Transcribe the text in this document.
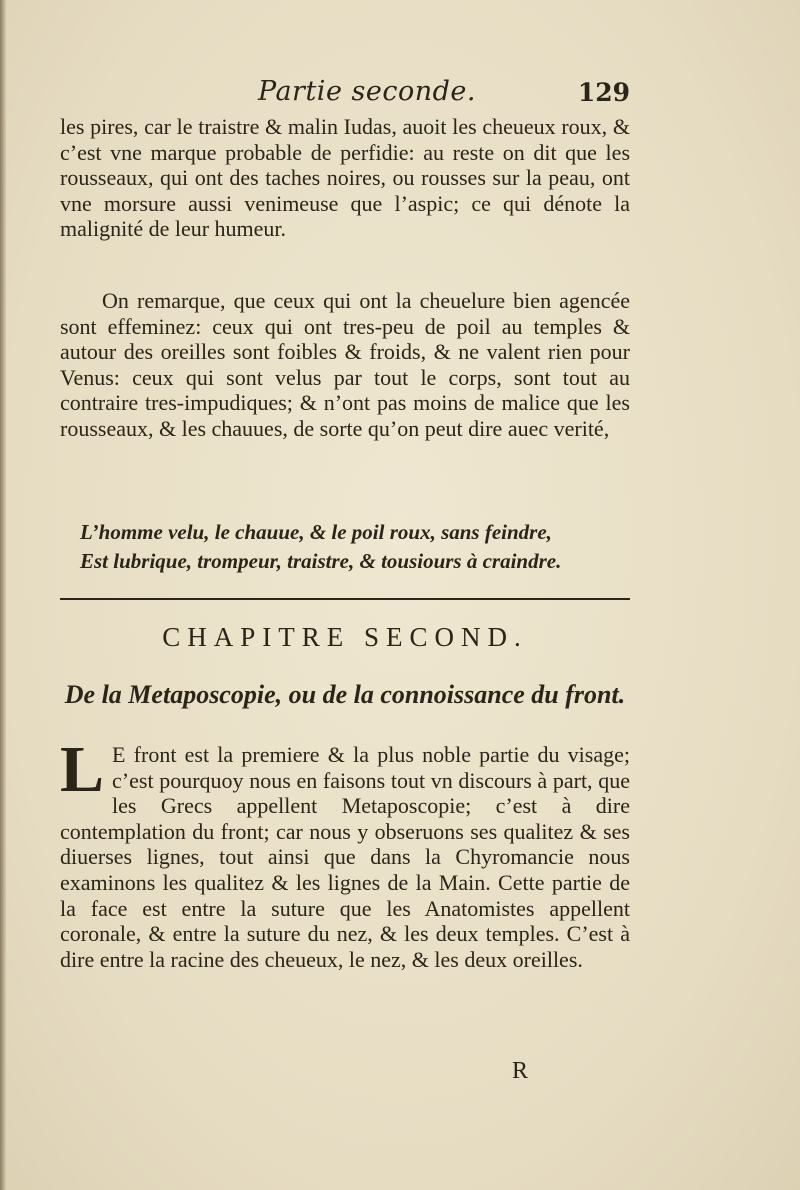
Partie seconde.	129

les pires, car le traistre & malin Iudas, auoit les cheueux roux, & c’est vne marque probable de perfidie: au reste on dit que les rousseaux, qui ont des taches noires, ou rousses sur la peau, ont vne morsure aussi venimeuse que l’aspic; ce qui dénote la malignité de leur humeur.

On remarque, que ceux qui ont la cheuelure bien agencée sont effeminez: ceux qui ont tres-peu de poil au temples & autour des oreilles sont foibles & froids, & ne valent rien pour Venus: ceux qui sont velus par tout le corps, sont tout au contraire tres-impudiques; & n’ont pas moins de malice que les rousseaux, & les chauues, de sorte qu’on peut dire auec verité,

L’homme velu, le chauue, & le poil roux, sans feindre,
Est lubrique, trompeur, traistre, & tousiours à craindre.

CHAPITRE SECOND.
De la Metaposcopie, ou de la connoissance du front.

L E front est la premiere & la plus noble partie du visage; c’est pourquoy nous en faisons tout vn discours à part, que les Grecs appellent Metaposcopie; c’est à dire contemplation du front; car nous y obseruons ses qualitez & ses diuerses lignes, tout ainsi que dans la Chyromancie nous examinons les qualitez & les lignes de la Main. Cette partie de la face est entre la suture que les Anatomistes appellent coronale, & entre la suture du nez, & les deux temples. C’est à dire entre la racine des cheueux, le nez, & les deux oreilles.

R
